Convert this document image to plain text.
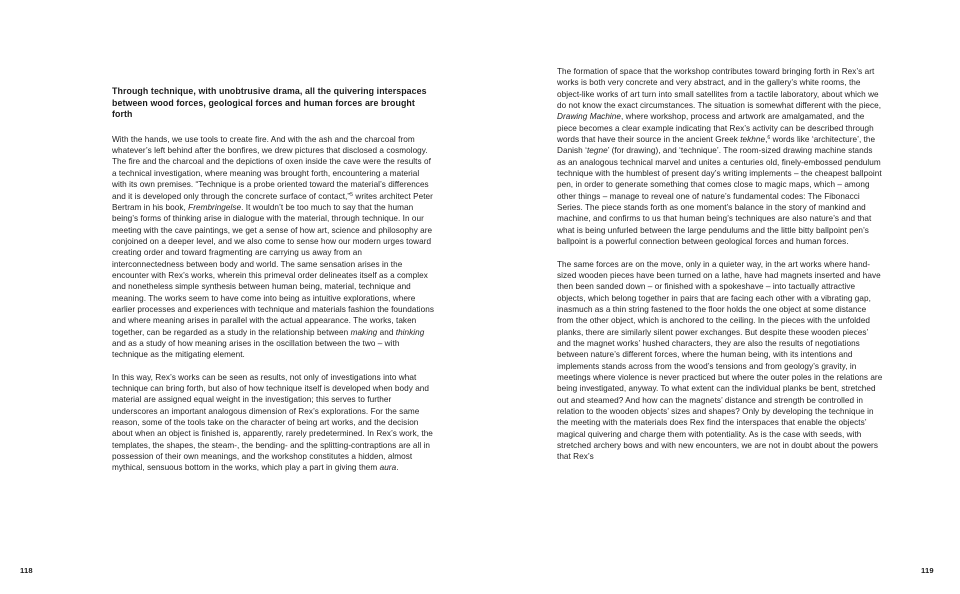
Through technique, with unobtrusive drama, all the quivering interspaces between wood forces, geological forces and human forces are brought forth

With the hands, we use tools to create fire. And with the ash and the charcoal from whatever’s left behind after the bonfires, we drew pictures that disclosed a cosmology. The fire and the charcoal and the depictions of oxen inside the cave were the results of a technical investigation, where meaning was brought forth, encountering a material with its own premises. “Technique is a probe oriented toward the material’s differences and it is developed only through the concrete surface of contact,”$^5$ writes architect Peter Bertram in his book, Frembringelse. It wouldn’t be too much to say that the human being’s forms of thinking arise in dialogue with the material, through technique. In our meeting with the cave paintings, we get a sense of how art, science and philosophy are conjoined on a deeper level, and we also come to sense how our modern urges toward creating order and toward fragmenting are carrying us away from an interconnectedness between body and world. The same sensation arises in the encounter with Rex’s works, wherein this primeval order delineates itself as a complex and nonetheless simple synthesis between human being, material, technique and meaning. The works seem to have come into being as intuitive explorations, where earlier processes and experiences with technique and materials fashion the foundations and where meaning arises in parallel with the actual appearance. The works, taken together, can be regarded as a study in the relationship between making and thinking and as a study of how meaning arises in the oscillation between the two – with technique as the mitigating element.

In this way, Rex’s works can be seen as results, not only of investigations into what technique can bring forth, but also of how technique itself is developed when body and material are assigned equal weight in the investigation; this serves to further underscores an important analogous dimension of Rex’s explorations. For the same reason, some of the tools take on the character of being art works, and the decision about when an object is finished is, apparently, rarely predetermined. In Rex’s work, the templates, the shapes, the steam-, the bending- and the splitting-contraptions are all in possession of their own meanings, and the workshop constitutes a hidden, almost mythical, sensuous bottom in the works, which play a part in giving them aura.

118

The formation of space that the workshop contributes toward bringing forth in Rex’s art works is both very concrete and very abstract, and in the gallery’s white rooms, the object-like works of art turn into small satellites from a tactile laboratory, about which we do not know the exact circumstances. The situation is somewhat different with the piece, Drawing Machine, where workshop, process and artwork are amalgamated, and the piece becomes a clear example indicating that Rex’s activity can be described through words that have their source in the ancient Greek tekhne,$^6$ words like ‘architecture’, the Danish ‘tegne’ (for drawing), and ‘technique’. The room-sized drawing machine stands as an analogous technical marvel and unites a centuries old, finely-embossed pendulum technique with the humblest of present day’s writing implements – the cheapest ballpoint pen, in order to generate something that comes close to magic maps, which – among other things – manage to reveal one of nature’s fundamental codes: The Fibonacci Series. The piece stands forth as one moment’s balance in the story of mankind and machine, and confirms to us that human being’s techniques are also nature’s and that what is being unfurled between the large pendulums and the little bitty ballpoint pen’s ballpoint is a powerful connection between geological forces and human forces.

The same forces are on the move, only in a quieter way, in the art works where hand-sized wooden pieces have been turned on a lathe, have had magnets inserted and have then been sanded down – or finished with a spokeshave – into tactually attractive objects, which belong together in pairs that are facing each other with a vibrating gap, inasmuch as a thin string fastened to the floor holds the one object at some distance from the other object, which is anchored to the ceiling. In the pieces with the unfolded planks, there are similarly silent power exchanges. But despite these wooden pieces’ and the magnet works’ hushed characters, they are also the results of negotiations between nature’s different forces, where the human being, with its intentions and implements stands across from the wood’s tensions and from geology’s gravity, in meetings where violence is never practiced but where the outer poles in the relations are being investigated, anyway. To what extent can the individual planks be bent, stretched out and steamed? And how can the magnets’ distance and strength be controlled in relation to the wooden objects’ sizes and shapes? Only by developing the technique in the meeting with the materials does Rex find the interspaces that enable the objects’ magical quivering and charge them with potentiality. As is the case with seeds, with stretched archery bows and with new encounters, we are not in doubt about the powers that Rex’s

119
